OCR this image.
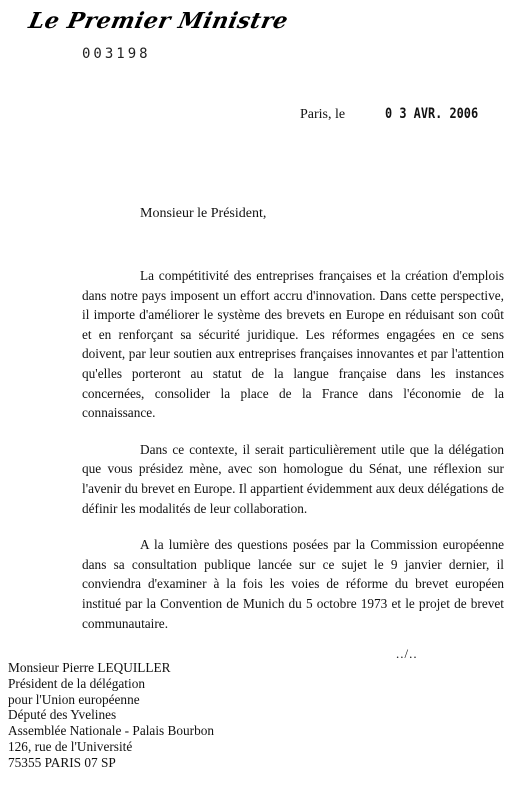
Le Premier Ministre
003198
Paris, le	0 3 AVR. 2006
Monsieur le Président,

La compétitivité des entreprises françaises et la création d'emplois dans notre pays imposent un effort accru d'innovation. Dans cette perspective, il importe d'améliorer le système des brevets en Europe en réduisant son coût et en renforçant sa sécurité juridique. Les réformes engagées en ce sens doivent, par leur soutien aux entreprises françaises innovantes et par l'attention qu'elles porteront au statut de la langue française dans les instances concernées, consolider la place de la France dans l'économie de la connaissance.

Dans ce contexte, il serait particulièrement utile que la délégation que vous présidez mène, avec son homologue du Sénat, une réflexion sur l'avenir du brevet en Europe. Il appartient évidemment aux deux délégations de définir les modalités de leur collaboration.

A la lumière des questions posées par la Commission européenne dans sa consultation publique lancée sur ce sujet le 9 janvier dernier, il conviendra d'examiner à la fois les voies de réforme du brevet européen institué par la Convention de Munich du 5 octobre 1973 et le projet de brevet communautaire.

../..
Monsieur Pierre LEQUILLER
Président de la délégation
pour l'Union européenne
Député des Yvelines
Assemblée Nationale - Palais Bourbon
126, rue de l'Université
75355 PARIS 07 SP
